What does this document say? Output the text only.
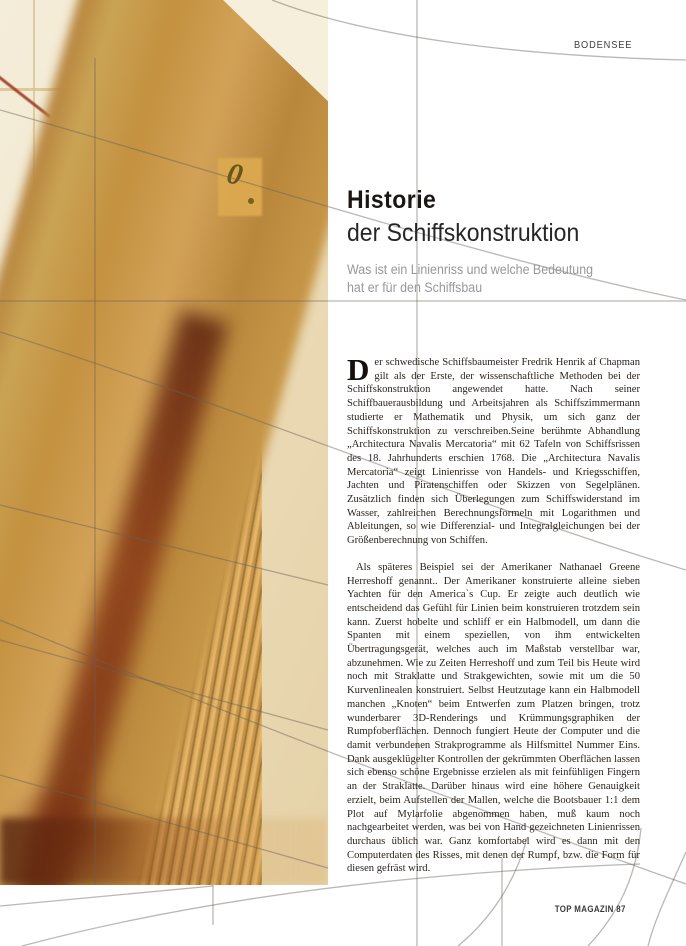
0
BODENSEE
Historie
der Schiffskonstruktion
Was ist ein Linienriss und welche Bedeutung
hat er für den Schiffsbau

Der schwedische Schiffsbaumeister Fredrik Henrik af Chapman gilt als der Erste, der wissenschaftliche Methoden bei der Schiffskonstruktion angewendet hatte. Nach seiner Schiffbauerausbildung und Arbeitsjahren als Schiffszimmermann studierte er Mathematik und Physik, um sich ganz der Schiffskonstruktion zu verschreiben.Seine berühmte Abhandlung „Architectura Navalis Mercatoria“ mit 62 Tafeln von Schiffsrissen des 18. Jahrhunderts erschien 1768. Die „Architectura Navalis Mercatoria“ zeigt Linienrisse von Handels- und Kriegsschiffen, Jachten und Piratenschiffen oder Skizzen von Segelplänen. Zusätzlich finden sich Überlegungen zum Schiffswiderstand im Wasser, zahlreichen Berechnungsformeln mit Logarithmen und Ableitungen, so wie Differenzial- und Integralgleichungen bei der Größenberechnung von Schiffen.

Als späteres Beispiel sei der Amerikaner Nathanael Greene Herreshoff genannt.. Der Amerikaner konstruierte alleine sieben Yachten für den America`s Cup. Er zeigte auch deutlich wie entscheidend das Gefühl für Linien beim konstruieren trotzdem sein kann. Zuerst hobelte und schliff er ein Halbmodell, um dann die Spanten mit einem speziellen, von ihm entwickelten Übertragungsgerät, welches auch im Maßstab verstellbar war, abzunehmen. Wie zu Zeiten Herreshoff und zum Teil bis Heute wird noch mit Straklatte und Strakgewichten, sowie mit um die 50 Kurvenlinealen konstruiert. Selbst Heutzutage kann ein Halbmodell manchen „Knoten“ beim Entwerfen zum Platzen bringen, trotz wunderbarer 3D-Renderings und Krümmungsgraphiken der Rumpfoberflächen. Dennoch fungiert Heute der Computer und die damit verbundenen Strakprogramme als Hilfsmittel Nummer Eins. Dank ausgeklügelter Kontrollen der gekrümmten Oberflächen lassen sich ebenso schöne Ergebnisse erzielen als mit feinfühligen Fingern an der Straklatte. Darüber hinaus wird eine höhere Genauigkeit erzielt, beim Aufstellen der Mallen, welche die Bootsbauer 1:1 dem Plot auf Mylarfolie abgenommen haben, muß kaum noch nachgearbeitet werden, was bei von Hand gezeichneten Linienrissen durchaus üblich war. Ganz komfortabel wird es dann mit den Computerdaten des Risses, mit denen der Rumpf, bzw. die Form für diesen gefräst wird.

TOP MAGAZIN 87
